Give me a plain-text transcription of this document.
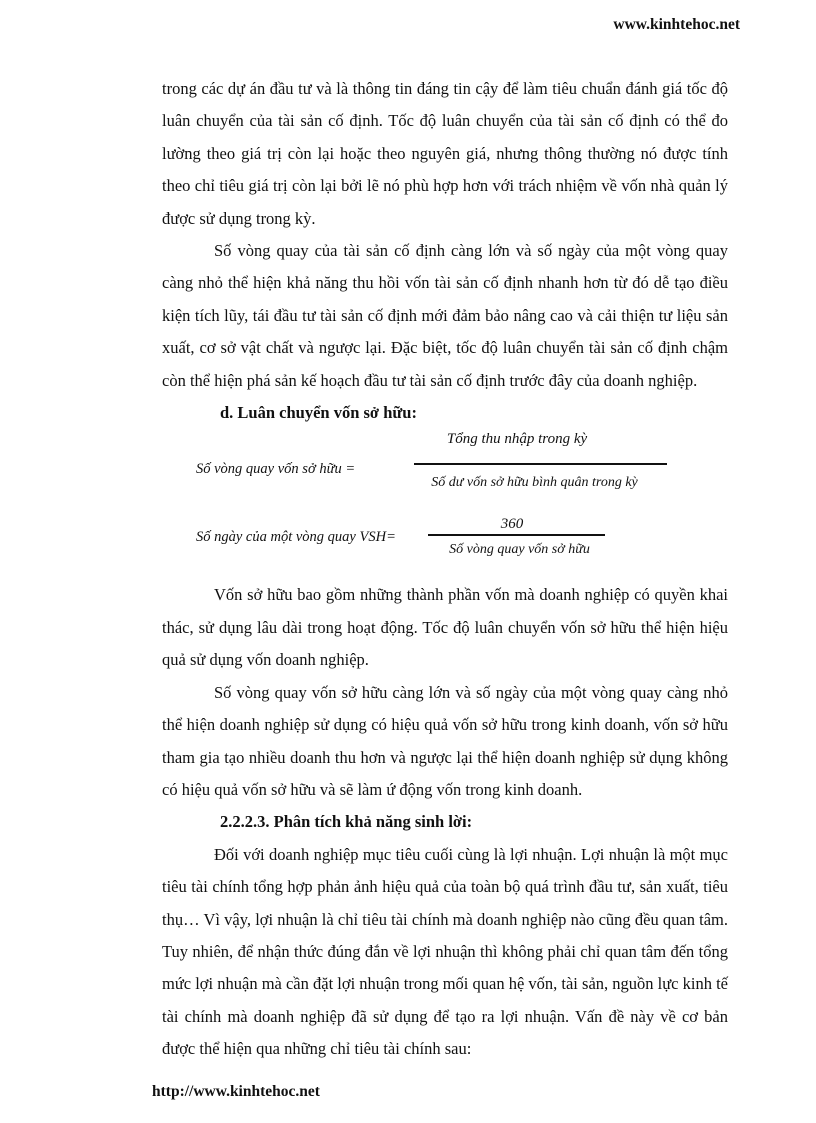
www.kinhtehoc.net

trong các dự án đầu tư và là thông tin đáng tin cậy để làm tiêu chuẩn đánh giá tốc độ luân chuyển của tài sản cố định. Tốc độ luân chuyển của tài sản cố định có thể đo lường theo giá trị còn lại hoặc theo nguyên giá, nhưng thông thường nó được tính theo chỉ tiêu giá trị còn lại bởi lẽ nó phù hợp hơn với trách nhiệm về vốn nhà quản lý được sử dụng trong kỳ.

Số vòng quay của tài sản cố định càng lớn và số ngày của một vòng quay càng nhỏ thể hiện khả năng thu hồi vốn tài sản cố định nhanh hơn từ đó dễ tạo điều kiện tích lũy, tái đầu tư tài sản cố định mới đảm bảo nâng cao và cải thiện tư liệu sản xuất, cơ sở vật chất và ngược lại. Đặc biệt, tốc độ luân chuyển tài sản cố định chậm còn thể hiện phá sản kế hoạch đầu tư tài sản cố định trước đây của doanh nghiệp.

d. Luân chuyển vốn sở hữu:

Tổng thu nhập trong kỳ
Số vòng quay vốn sở hữu =
Số dư vốn sở hữu bình quân trong kỳ
360
Số ngày của một vòng quay VSH=
Số vòng quay vốn sở hữu

Vốn sở hữu bao gồm những thành phần vốn mà doanh nghiệp có quyền khai thác, sử dụng lâu dài trong hoạt động. Tốc độ luân chuyển vốn sở hữu thể hiện hiệu quả sử dụng vốn doanh nghiệp.

Số vòng quay vốn sở hữu càng lớn và số ngày của một vòng quay càng nhỏ thể hiện doanh nghiệp sử dụng có hiệu quả vốn sở hữu trong kinh doanh, vốn sở hữu tham gia tạo nhiều doanh thu hơn và ngược lại thể hiện doanh nghiệp sử dụng không có hiệu quả vốn sở hữu và sẽ làm ứ động vốn trong kinh doanh.

2.2.2.3. Phân tích khả năng sinh lời:

Đối với doanh nghiệp mục tiêu cuối cùng là lợi nhuận. Lợi nhuận là một mục tiêu tài chính tổng hợp phản ảnh hiệu quả của toàn bộ quá trình đầu tư, sản xuất, tiêu thụ… Vì vậy, lợi nhuận là chỉ tiêu tài chính mà doanh nghiệp nào cũng đều quan tâm. Tuy nhiên, để nhận thức đúng đắn về lợi nhuận thì không phải chỉ quan tâm đến tổng mức lợi nhuận mà cần đặt lợi nhuận trong mối quan hệ vốn, tài sản, nguồn lực kinh tế tài chính mà doanh nghiệp đã sử dụng để tạo ra lợi nhuận. Vấn đề này về cơ bản được thể hiện qua những chỉ tiêu tài chính sau:

http://www.kinhtehoc.net
